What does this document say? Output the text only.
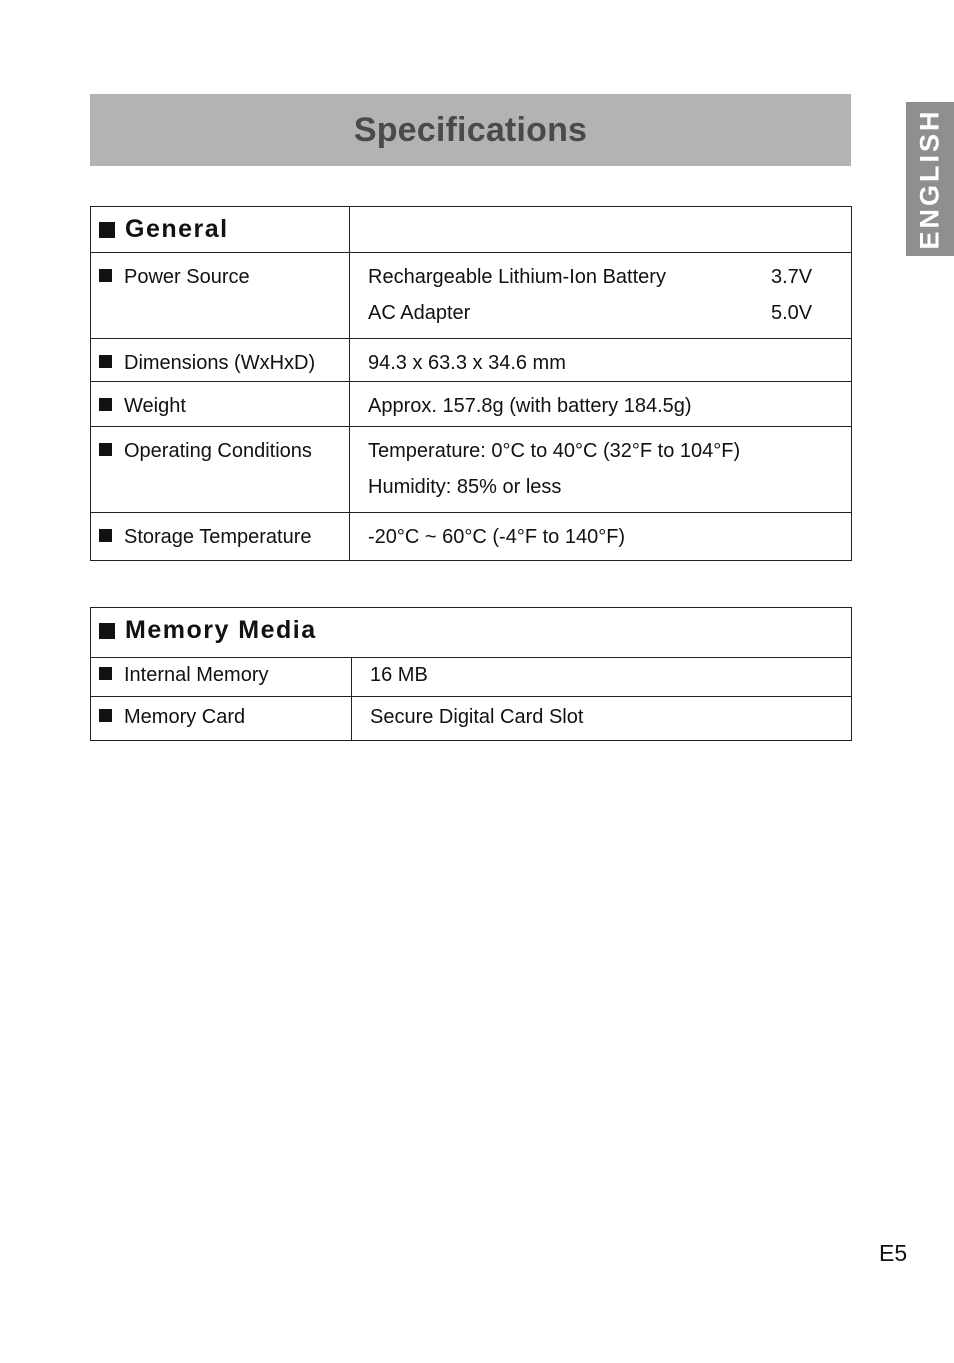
Specifications	ENGLISH
General	
Power Source	Rechargeable Lithium-Ion Battery 3.7V
AC Adapter 5.0V

Dimensions (WxHxD)	94.3 x 63.3 x 34.6 mm
Weight	Approx. 157.8g (with battery 184.5g)
Operating Conditions	Temperature: 0°C to 40°C (32°F to 104°F)
Humidity: 85% or less

Storage Temperature	-20°C ~ 60°C (-4°F to 140°F)
Memory Media	
Internal Memory	16 MB
Memory Card	Secure Digital Card Slot
E5
